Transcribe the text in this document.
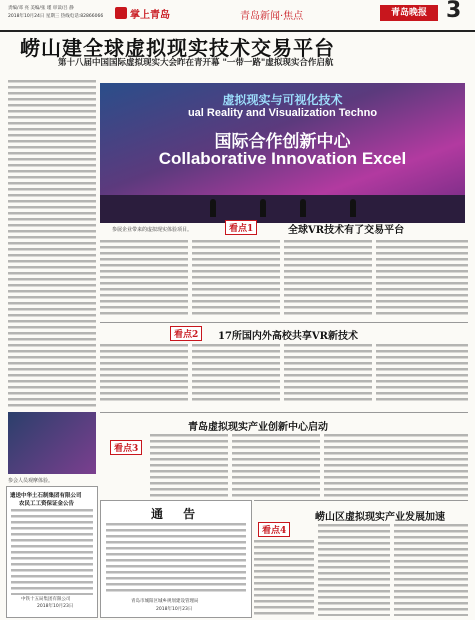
责编/邓 亮 美编/张 瑾 审读/吕 静
2018年10月24日 星期三 热线电话:82866066	掌上青岛	青岛新闻·焦点	青岛晚报 3
崂山建全球虚拟现实技术交易平台
第十八届中国国际虚拟现实大会昨在青开幕 "一带一路"虚拟现实合作启航
虚拟现实与可视化技术
ual Reality and Visualization Techno
国际合作创新中心
Collaborative Innovation Excel
参展企业带来的虚拟现实体验项目。	看点1	全球VR技术有了交易平台
看点2	17所国内外高校共享VR新技术
看点3
青岛虚拟现实产业创新中心启动
参会人员观摩体验。
遗送中华土石制集团有限公司
农民工工资保证金公告
中铁十五局集团有限公司
2018年10月23日
通 告
青岛市城阳区城乡规划建设管理局
2018年10月23日
崂山区虚拟现实产业发展加速
看点4
